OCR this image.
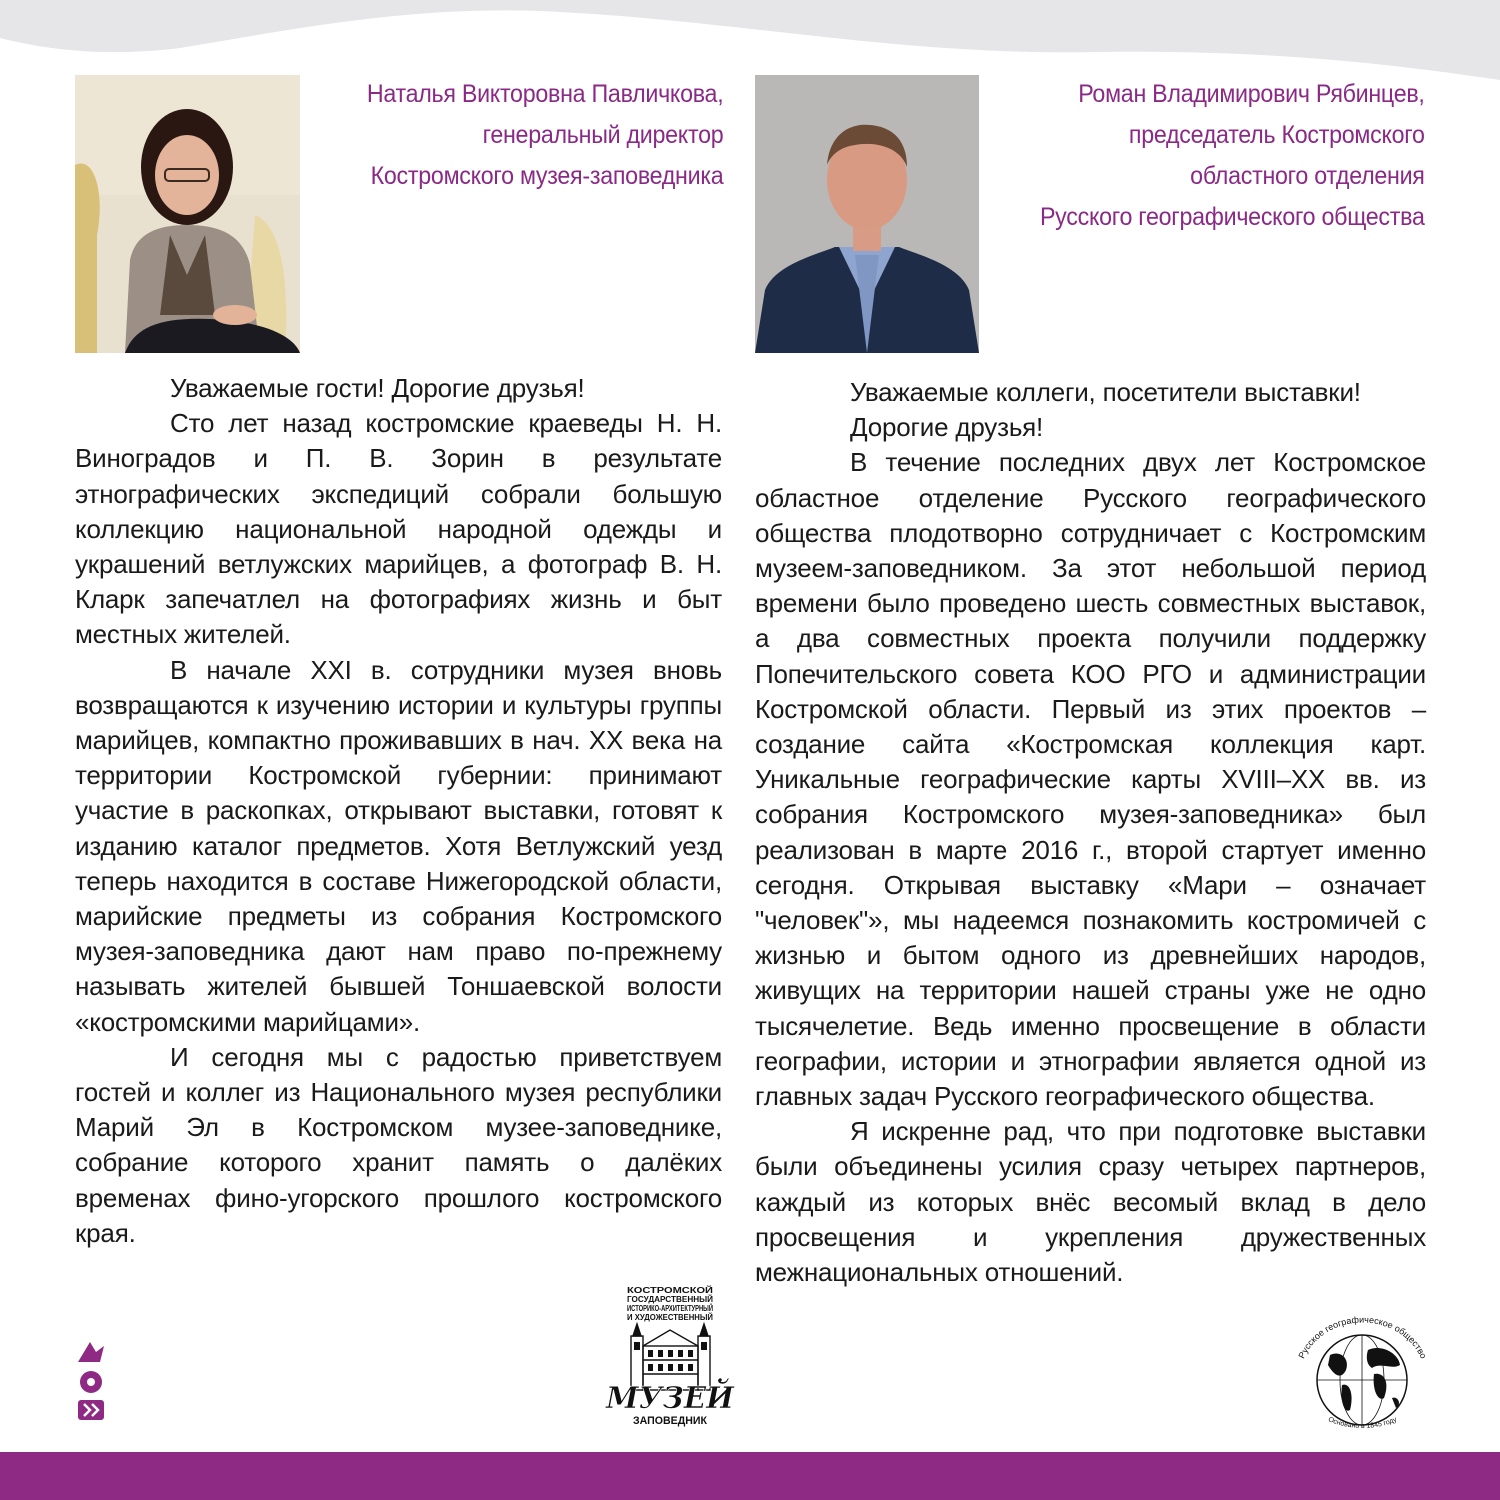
Наталья Викторовна Павличкова,
генеральный директор
Костромского музея-заповедника
Роман Владимирович Рябинцев,
председатель Костромского
областного отделения
Русского географического общества

Уважаемые гости! Дорогие друзья!

Сто лет назад костромские краеведы Н. Н. Виноградов и П. В. Зорин в результате этнографических экспедиций собрали большую коллекцию национальной народной одежды и украшений ветлужских марийцев, а фотограф В. Н. Кларк запечатлел на фотографиях жизнь и быт местных жителей.

В начале XXI в. сотрудники музея вновь возвращаются к изучению истории и культуры группы марийцев, компактно проживавших в нач. XX века на территории Костромской губернии: принимают участие в раскопках, открывают выставки, готовят к изданию каталог предметов. Хотя Ветлужский уезд теперь находится в составе Нижегородской области, марийские предметы из собрания Костромского музея-заповедника дают нам право по-прежнему называть жителей бывшей Тоншаевской волости «костромскими марийцами».

И сегодня мы с радостью приветствуем гостей и коллег из Национального музея республики Марий Эл в Костромском музее-заповеднике, собрание которого хранит память о далёких временах фино-угорского прошлого костромского края.

Уважаемые коллеги, посетители выставки!

Дорогие друзья!

В течение последних двух лет Костромское областное отделение Русского географического общества плодотворно сотрудничает с Костромским музеем-заповедником. За этот небольшой период времени было проведено шесть совместных выставок, а два совместных проекта получили поддержку Попечительского совета КОО РГО и администрации Костромской области. Первый из этих проектов – создание сайта «Костромская коллекция карт. Уникальные географические карты XVIII–XX вв. из собрания Костромского музея-заповедника» был реализован в марте 2016 г., второй стартует именно сегодня. Открывая выставку «Мари – означает "человек"», мы надеемся познакомить костромичей с жизнью и бытом одного из древнейших народов, живущих на территории нашей страны уже не одно тысячелетие. Ведь именно просвещение в области географии, истории и этнографии является одной из главных задач Русского географического общества.

Я искренне рад, что при подготовке выставки были объединены усилия сразу четырех партнеров, каждый из которых внёс весомый вклад в дело просвещения и укрепления дружественных межнациональных отношений.

КОСТРОМСКОЙ
ГОСУДАРСТВЕННЫЙ
ИСТОРИКО-АРХИТЕКТУРНЫЙ
И ХУДОЖЕСТВЕННЫЙ
МУЗЕЙ
ЗАПОВЕДНИК
Русское географическое общество
Основано в 1845 году
